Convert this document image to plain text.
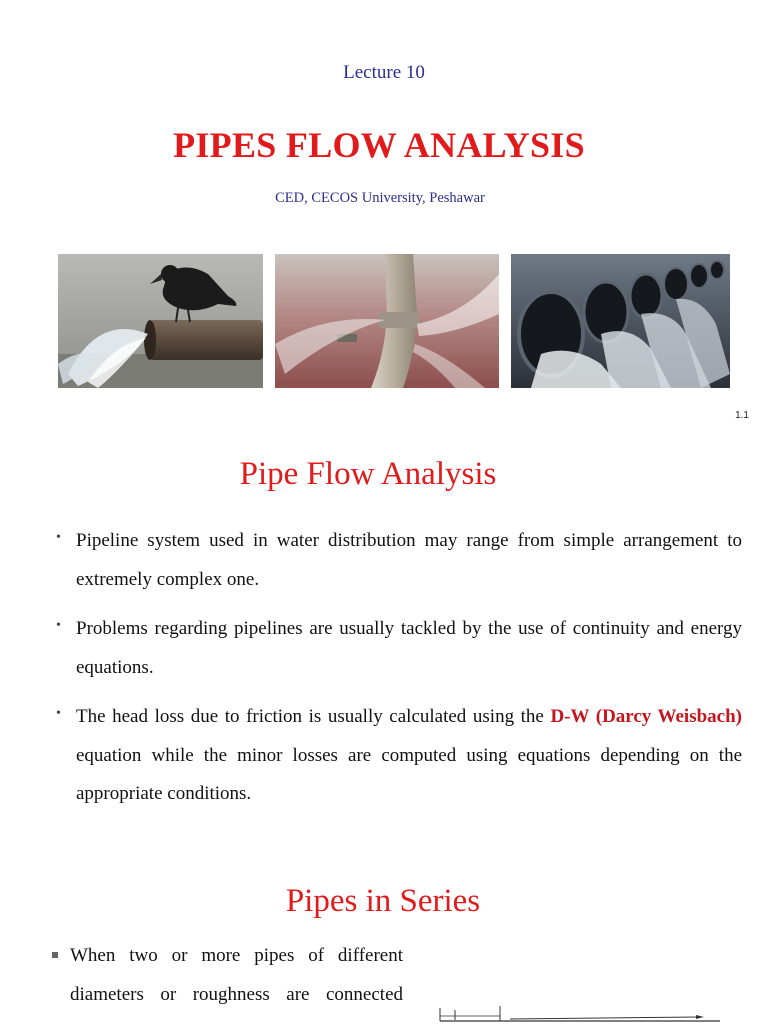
Lecture 10
PIPES FLOW ANALYSIS
CED, CECOS University, Peshawar
1.1
Pipe Flow Analysis
• Pipeline system used in water distribution may range from simple arrangement to extremely complex one.
• Problems regarding pipelines are usually tackled by the use of continuity and energy equations.
• The head loss due to friction is usually calculated using the D-W (Darcy Weisbach) equation while the minor losses are computed using equations depending on the appropriate conditions.
Pipes in Series
When two or more pipes of different diameters or roughness are connected
